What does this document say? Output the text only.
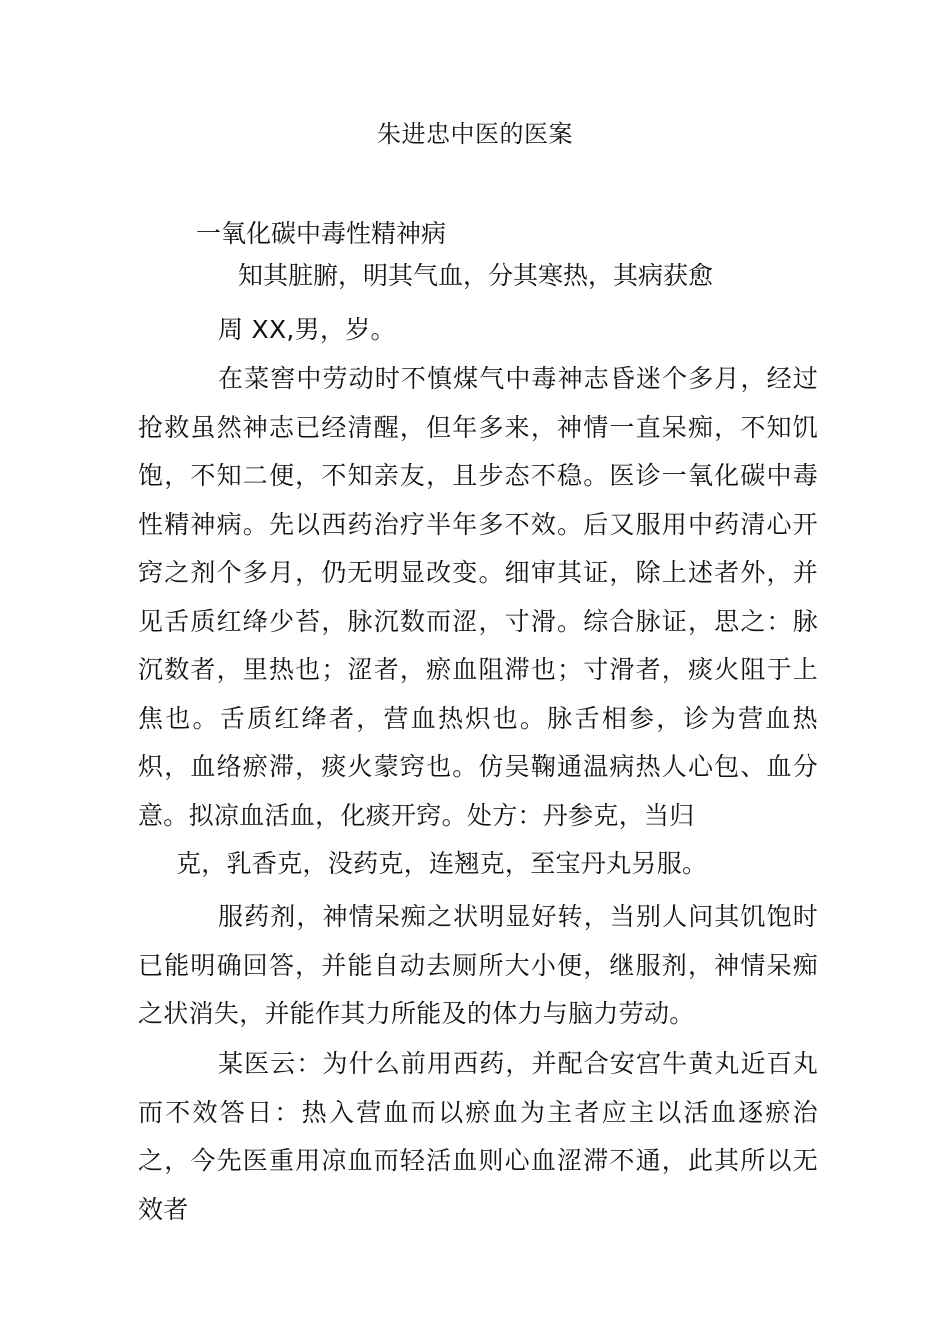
朱进忠中医的医案
一氧化碳中毒性精神病
知其脏腑，明其气血，分其寒热，其病获愈
周 XX,男，岁。
在菜窖中劳动时不慎煤气中毒神志昏迷个多月，经过抢救虽然神志已经清醒，但年多来，神情一直呆痴，不知饥饱，不知二便，不知亲友，且步态不稳。医诊一氧化碳中毒性精神病。先以西药治疗半年多不效。后又服用中药清心开窍之剂个多月，仍无明显改变。细审其证，除上述者外，并见舌质红绛少苔，脉沉数而涩，寸滑。综合脉证，思之：脉沉数者，里热也；涩者，瘀血阻滞也；寸滑者，痰火阻于上焦也。舌质红绛者，营血热炽也。脉舌相参，诊为营血热炽，血络瘀滞，痰火蒙窍也。仿吴鞠通温病热人心包、血分意。拟凉血活血，化痰开窍。处方：丹参克，当归
克，乳香克，没药克，连翘克，至宝丹丸另服。
服药剂，神情呆痴之状明显好转，当别人问其饥饱时已能明确回答，并能自动去厕所大小便，继服剂，神情呆痴之状消失，并能作其力所能及的体力与脑力劳动。
某医云：为什么前用西药，并配合安宫牛黄丸近百丸而不效答日：热入营血而以瘀血为主者应主以活血逐瘀治之，今先医重用凉血而轻活血则心血涩滞不通，此其所以无效者
